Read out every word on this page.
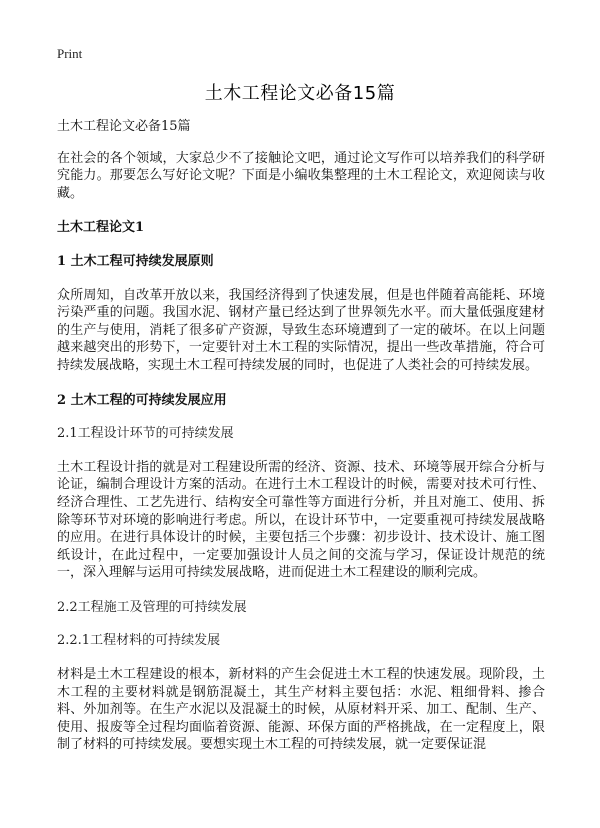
Print
土木工程论文必备15篇

土木工程论文必备15篇

在社会的各个领域，大家总少不了接触论文吧，通过论文写作可以培养我们的科学研究能力。那要怎么写好论文呢？下面是小编收集整理的土木工程论文，欢迎阅读与收藏。

土木工程论文1

1 土木工程可持续发展原则

众所周知，自改革开放以来，我国经济得到了快速发展，但是也伴随着高能耗、环境污染严重的问题。我国水泥、钢材产量已经达到了世界领先水平。而大量低强度建材的生产与使用，消耗了很多矿产资源，导致生态环境遭到了一定的破坏。在以上问题越来越突出的形势下，一定要针对土木工程的实际情况，提出一些改革措施，符合可持续发展战略，实现土木工程可持续发展的同时，也促进了人类社会的可持续发展。

2 土木工程的可持续发展应用

2.1工程设计环节的可持续发展

土木工程设计指的就是对工程建设所需的经济、资源、技术、环境等展开综合分析与论证，编制合理设计方案的活动。在进行土木工程设计的时候，需要对技术可行性、经济合理性、工艺先进行、结构安全可靠性等方面进行分析，并且对施工、使用、拆除等环节对环境的影响进行考虑。所以，在设计环节中，一定要重视可持续发展战略的应用。在进行具体设计的时候，主要包括三个步骤：初步设计、技术设计、施工图纸设计，在此过程中，一定要加强设计人员之间的交流与学习，保证设计规范的统一，深入理解与运用可持续发展战略，进而促进土木工程建设的顺利完成。

2.2工程施工及管理的可持续发展

2.2.1工程材料的可持续发展

材料是土木工程建设的根本，新材料的产生会促进土木工程的快速发展。现阶段，土木工程的主要材料就是钢筋混凝土，其生产材料主要包括：水泥、粗细骨料、掺合料、外加剂等。在生产水泥以及混凝土的时候，从原材料开采、加工、配制、生产、使用、报废等全过程均面临着资源、能源、环保方面的严格挑战，在一定程度上，限制了材料的可持续发展。要想实现土木工程的可持续发展，就一定要保证混
